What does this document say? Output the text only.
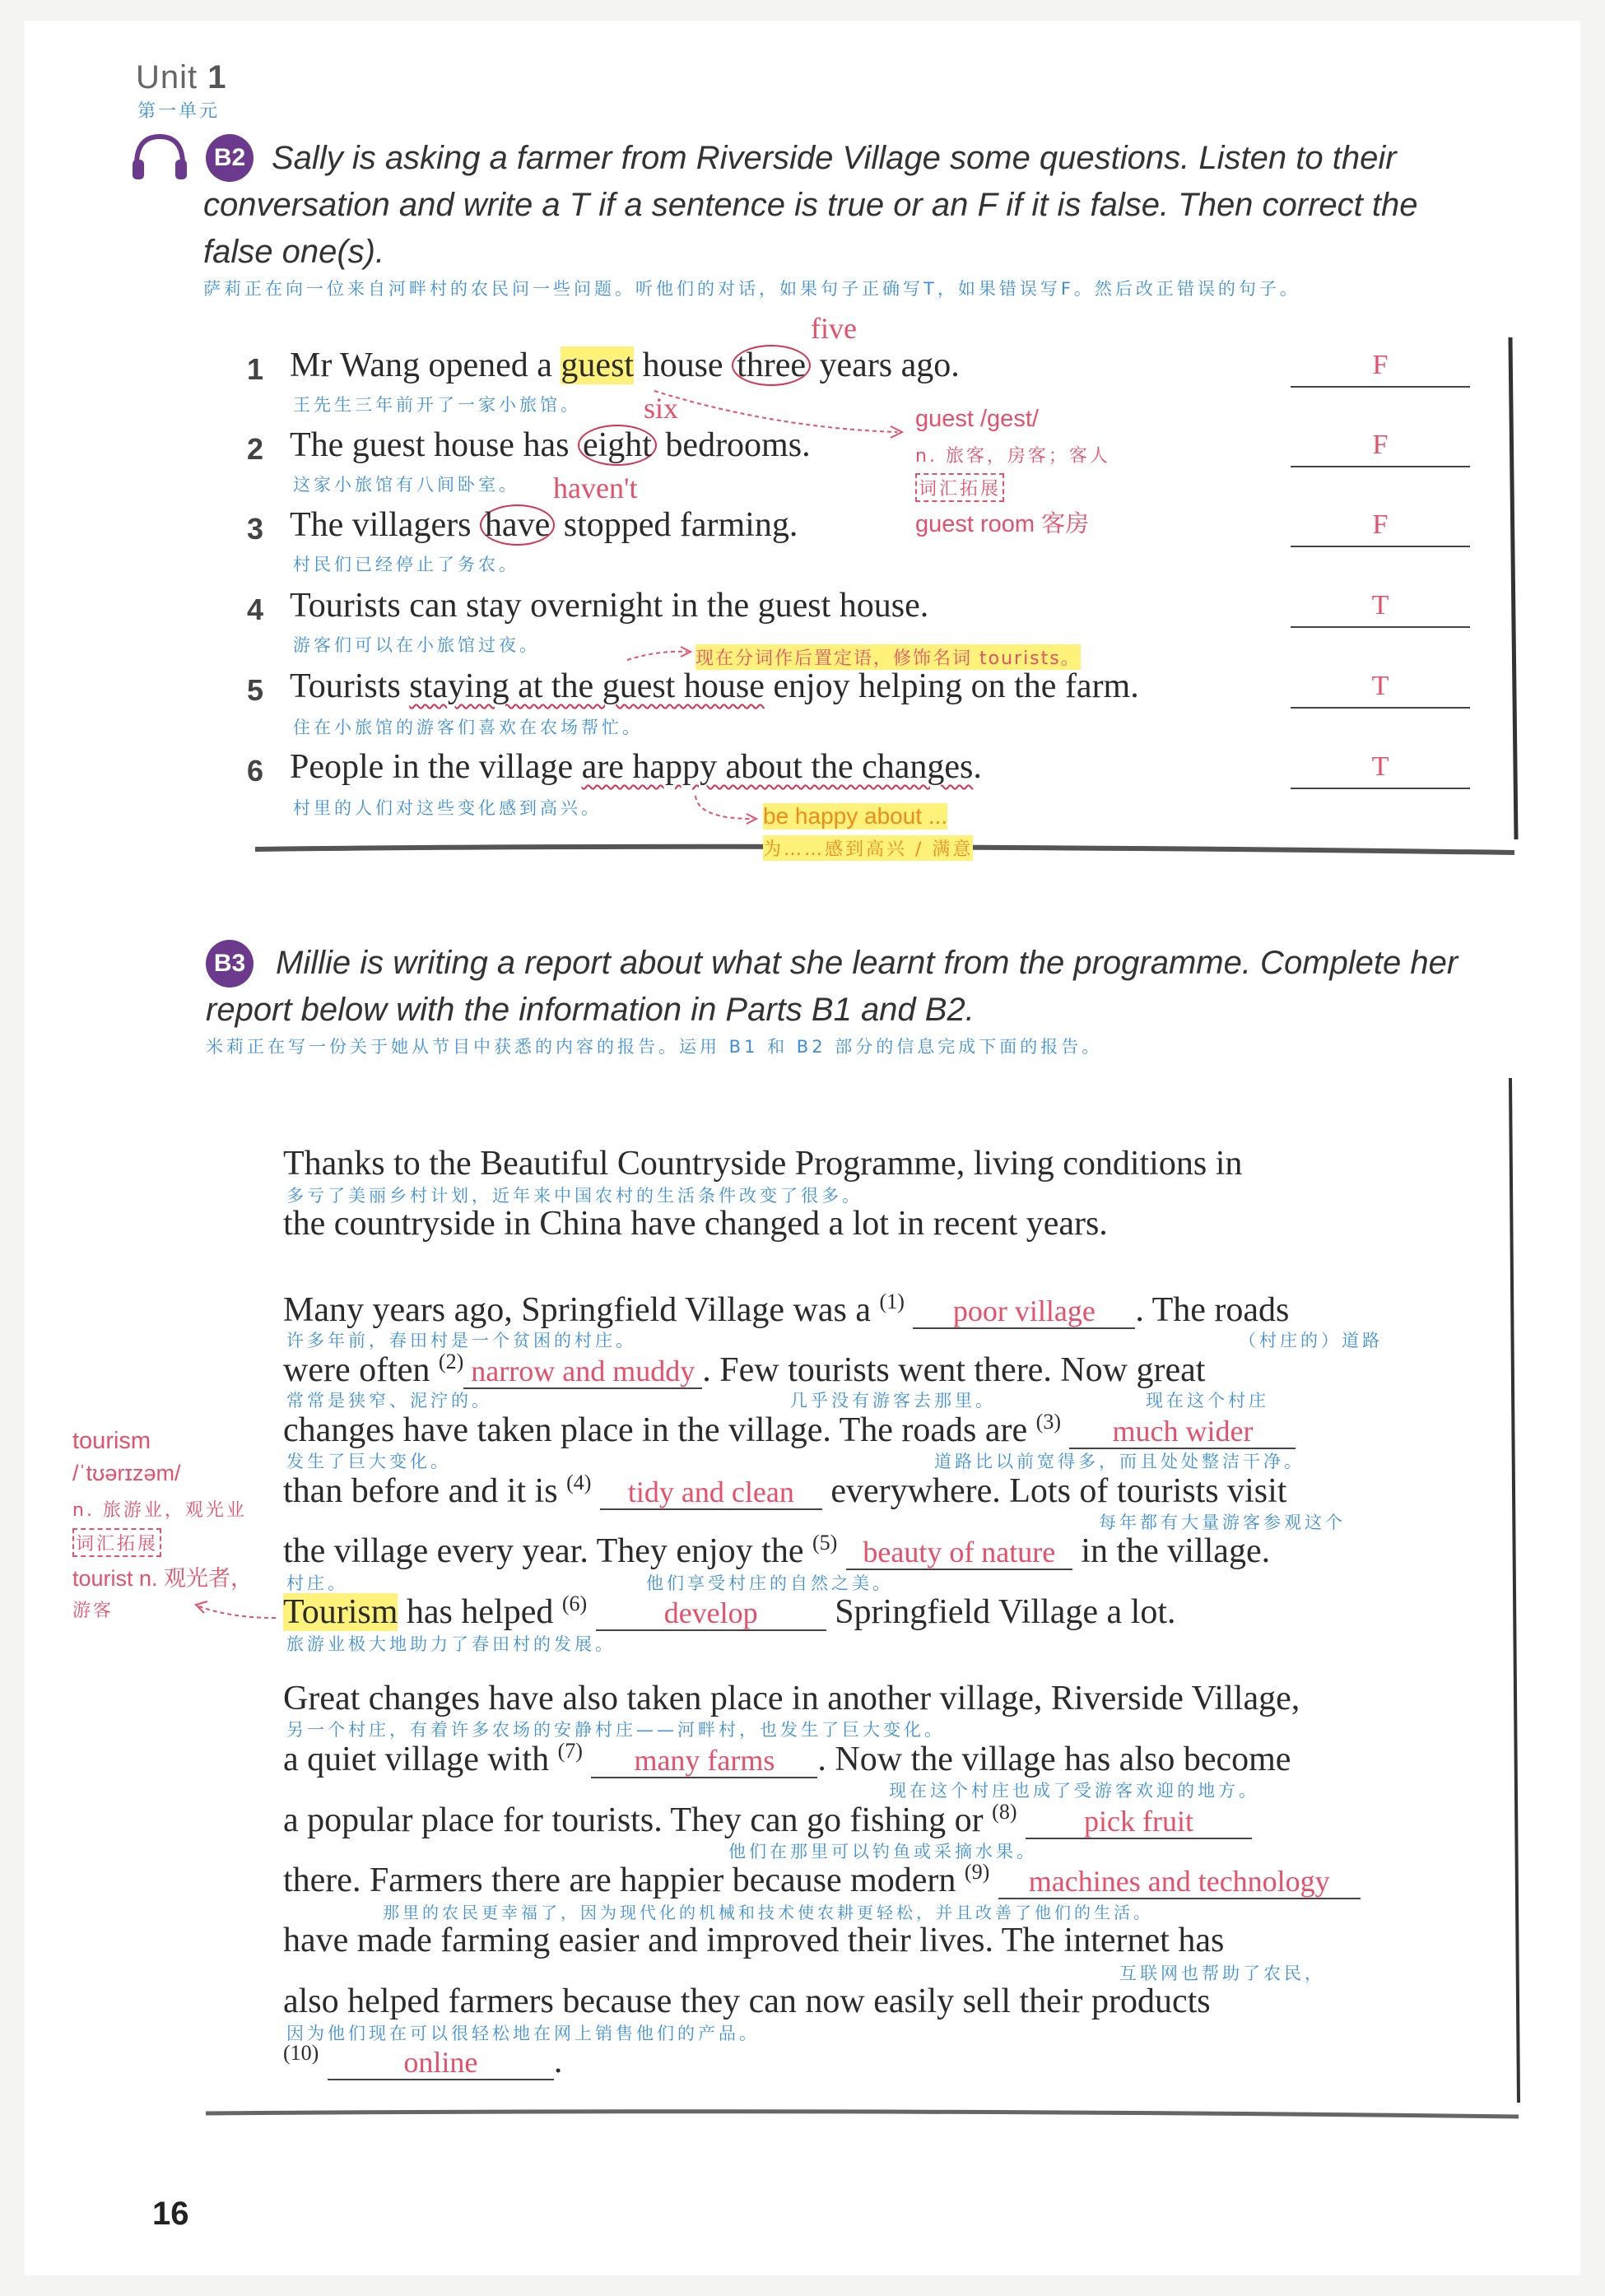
Unit 1
第一单元
B2 Sally is asking a farmer from Riverside Village some questions. Listen to their
conversation and write a T if a sentence is true or an F if it is false. Then correct the
false one(s).
萨莉正在向一位来自河畔村的农民问一些问题。听他们的对话，如果句子正确写T，如果错误写F。然后改正错误的句子。
1
five
Mr Wang opened a guest house three years ago.
王先生三年前开了一家小旅馆。
F
six
2 The guest house has eight bedrooms.
这家小旅馆有八间卧室。
F
haven't
3 The villagers have stopped farming.
村民们已经停止了务农。
F
guest /gest/
n. 旅客，房客；客人
词汇拓展
guest room 客房
4 Tourists can stay overnight in the guest house.
游客们可以在小旅馆过夜。
T
现在分词作后置定语，修饰名词 tourists。
5 Tourists staying at the guest house enjoy helping on the farm.
住在小旅馆的游客们喜欢在农场帮忙。
T
6 People in the village are happy about the changes.
村里的人们对这些变化感到高兴。
T
be happy about ...
为……感到高兴 / 满意
B3 Millie is writing a report about what she learnt from the programme. Complete her
report below with the information in Parts B1 and B2.
米莉正在写一份关于她从节目中获悉的内容的报告。运用 B1 和 B2 部分的信息完成下面的报告。
Thanks to the Beautiful Countryside Programme, living conditions in
多亏了美丽乡村计划，近年来中国农村的生活条件改变了很多。
the countryside in China have changed a lot in recent years.
Many years ago, Springfield Village was a $^{(1)}$ poor village . The roads
许多年前，春田村是一个贫困的村庄。	（村庄的）道路
were often $^{(2)}$ narrow and muddy . Few tourists went there. Now great
常常是狭窄、泥泞的。	几乎没有游客去那里。	现在这个村庄
changes have taken place in the village. The roads are $^{(3)}$ much wider
发生了巨大变化。	道路比以前宽得多，而且处处整洁干净。
than before and it is $^{(4)}$ tidy and clean everywhere. Lots of tourists visit
每年都有大量游客参观这个
the village every year. They enjoy the $^{(5)}$ beauty of nature in the village.
村庄。	他们享受村庄的自然之美。
Tourism has helped $^{(6)}$	develop Springfield Village a lot.
旅游业极大地助力了春田村的发展。
tourism
/ˈtʊərɪzəm/
n. 旅游业，观光业
词汇拓展
tourist n. 观光者，
游客
Great changes have also taken place in another village, Riverside Village,
另一个村庄，有着许多农场的安静村庄——河畔村，也发生了巨大变化。
a quiet village with $^{(7)}$ many farms . Now the village has also become
现在这个村庄也成了受游客欢迎的地方。
a popular place for tourists. They can go fishing or $^{(8)}$ pick fruit
他们在那里可以钓鱼或采摘水果。
there. Farmers there are happier because modern $^{(9)}$ machines and technology
那里的农民更幸福了，因为现代化的机械和技术使农耕更轻松，并且改善了他们的生活。
have made farming easier and improved their lives. The internet has
互联网也帮助了农民，
also helped farmers because they can now easily sell their products
因为他们现在可以很轻松地在网上销售他们的产品。
$^{(10)}$	online .
16
